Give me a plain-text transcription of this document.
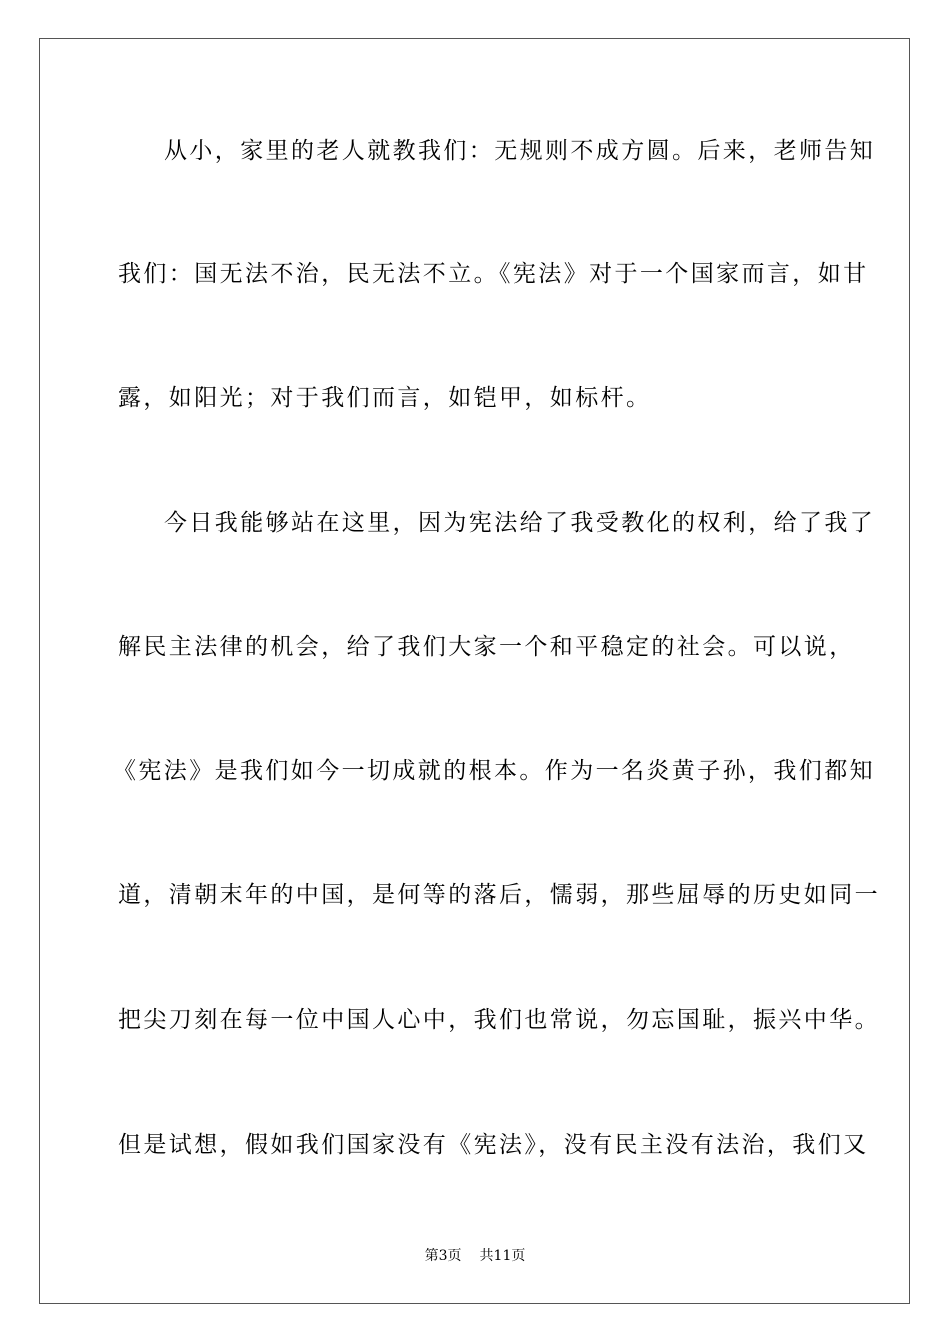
从小，家里的老人就教我们：无规则不成方圆。后来，老师告知
我们：国无法不治，民无法不立。《宪法》对于一个国家而言，如甘
露，如阳光；对于我们而言，如铠甲，如标杆。
今日我能够站在这里，因为宪法给了我受教化的权利，给了我了
解民主法律的机会，给了我们大家一个和平稳定的社会。可以说，
《宪法》是我们如今一切成就的根本。作为一名炎黄子孙，我们都知
道，清朝末年的中国，是何等的落后，懦弱，那些屈辱的历史如同一
把尖刀刻在每一位中国人心中，我们也常说，勿忘国耻，振兴中华。
但是试想，假如我们国家没有《宪法》，没有民主没有法治，我们又
第3页 共11页
